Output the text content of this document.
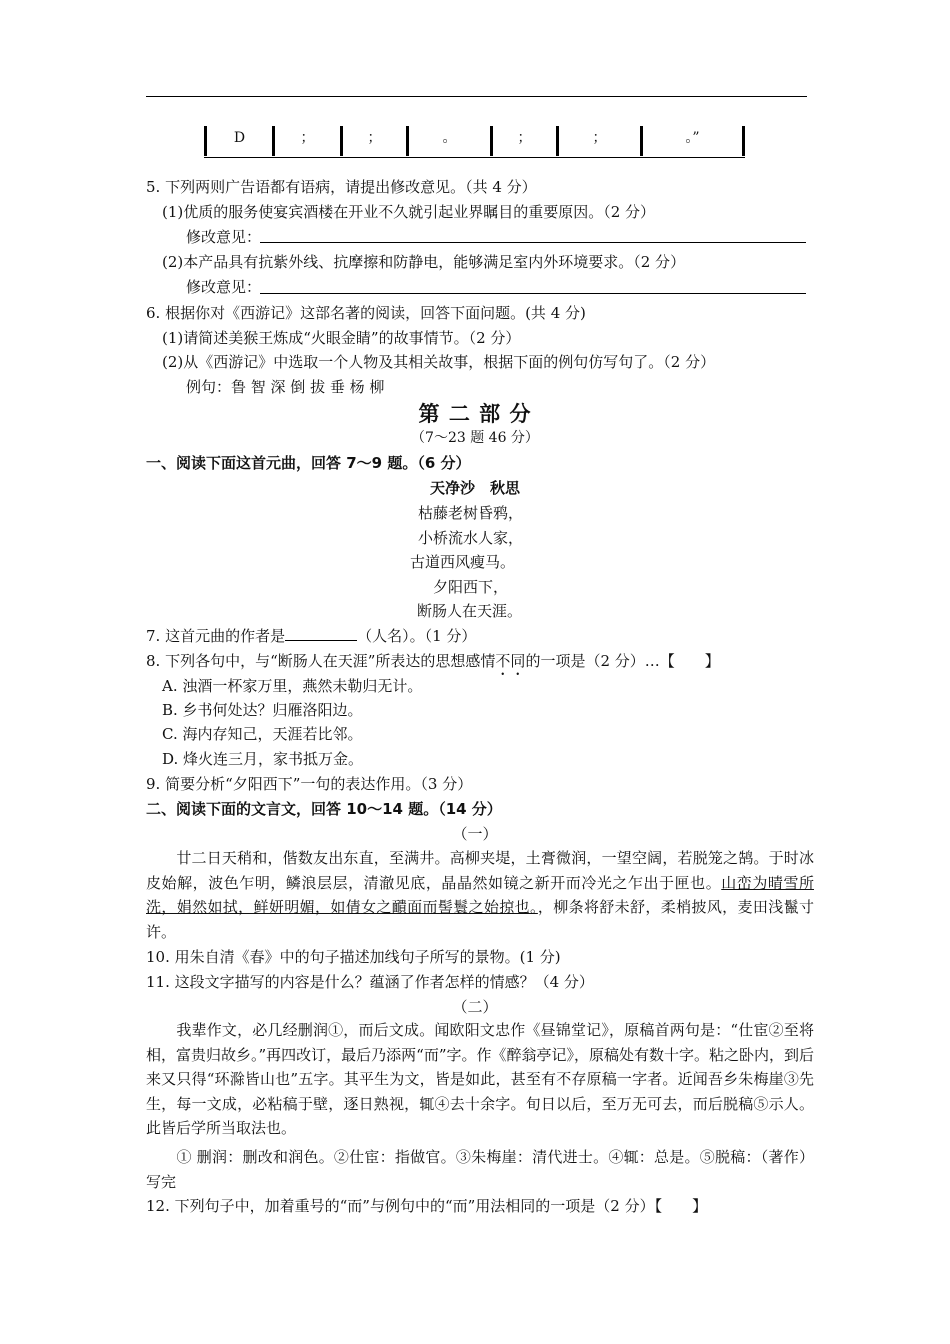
D	；	；	。	；	；	。”
5. 下列两则广告语都有语病，请提出修改意见。（共 4 分）
(1)优质的服务使宴宾酒楼在开业不久就引起业界瞩目的重要原因。（2 分）
修改意见：
(2)本产品具有抗紫外线、抗摩擦和防静电，能够满足室内外环境要求。（2 分）
修改意见：
6. 根据你对《西游记》这部名著的阅读，回答下面问题。(共 4 分)
(1)请简述美猴王炼成“火眼金睛”的故事情节。（2 分）
(2)从《西游记》中选取一个人物及其相关故事，根据下面的例句仿写句了。（2 分）
例句：鲁 智 深 倒 拔 垂 杨 柳
第 二 部 分
（7～23 题 46 分）
一、阅读下面这首元曲，回答 7～9 题。（6 分）
天净沙　秋思
枯藤老树昏鸦，
小桥流水人家，
古道西风瘦马。
夕阳西下，
断肠人在天涯。
7. 这首元曲的作者是	（人名）。（1 分）
8. 下列各句中，与“断肠人在天涯”所表达的思想感情不同的一项是（2 分）…【　　】
A. 浊酒一杯家万里，燕然未勒归无计。
B. 乡书何处达？归雁洛阳边。
C. 海内存知己，天涯若比邻。
D. 烽火连三月，家书抵万金。
9. 简要分析“夕阳西下”一句的表达作用。（3 分）
二、阅读下面的文言文，回答 10～14 题。（14 分）
（一）
　　廿二日天稍和，偕数友出东直，至满井。高柳夹堤，土膏微润，一望空阔，若脱笼之鹄。于时冰皮始解，波色乍明，鳞浪层层，清澈见底，晶晶然如镜之新开而冷光之乍出于匣也。山峦为晴雪所洗，娟然如拭，鲜妍明媚，如倩女之靧面而髻鬟之始掠也。，柳条将舒未舒，柔梢披风，麦田浅鬣寸许。
10. 用朱自清《春》中的句子描述加线句子所写的景物。(1 分)
11. 这段文字描写的内容是什么？蕴涵了作者怎样的情感？（4 分）
（二）
　　我辈作文，必几经删润①，而后文成。闻欧阳文忠作《昼锦堂记》，原稿首两句是：“仕宦②至将相，富贵归故乡。”再四改订，最后乃添两“而”字。作《醉翁亭记》，原稿处有数十字。粘之卧内，到后来又只得“环滁皆山也”五字。其平生为文，皆是如此，甚至有不存原稿一字者。近闻吾乡朱梅崖③先生，每一文成，必粘稿于壁，逐日熟视，辄④去十余字。旬日以后，至万无可去，而后脱稿⑤示人。此皆后学所当取法也。
　　① 删润：删改和润色。②仕宦：指做官。③朱梅崖：清代进士。④辄：总是。⑤脱稿：（著作）写完
12. 下列句子中，加着重号的“而”与例句中的“而”用法相同的一项是（2 分）【　　】
